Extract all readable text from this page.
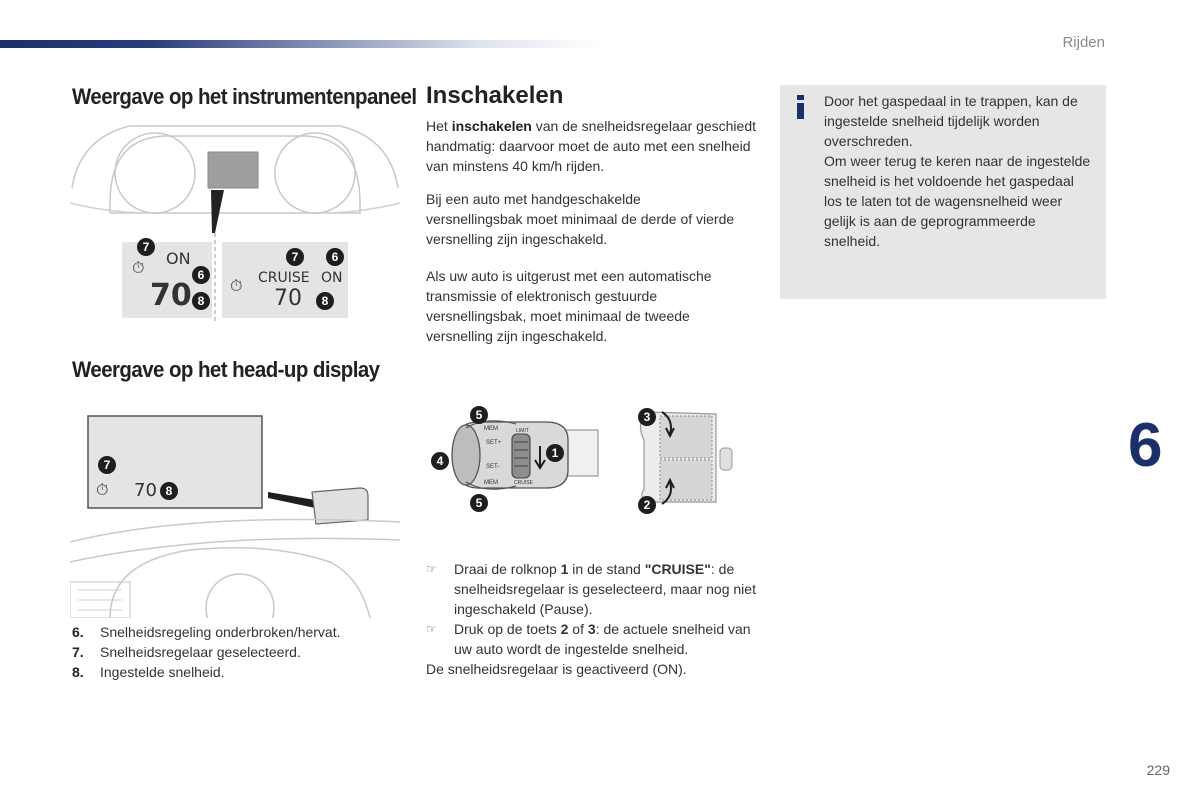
Rijden
Weergave op het instrumentenpaneel
7
⏱ ON
6
70 8
7	6
⏱ CRUISE ON
70	8
Weergave op het head-up display
7
⏱ 70 8
6.	Snelheidsregeling onderbroken/hervat.
7.	Snelheidsregelaar geselecteerd.
8.	Ingestelde snelheid.
Inschakelen
Het inschakelen van de snelheidsregelaar geschiedt handmatig: daarvoor moet de auto met een snelheid van minstens 40 km/h rijden.
Bij een auto met handgeschakelde versnellingsbak moet minimaal de derde of vierde versnelling zijn ingeschakeld.
Als uw auto is uitgerust met een automatische transmissie of elektronisch gestuurde versnellingsbak, moet minimaal de tweede versnelling zijn ingeschakeld.
5
4
5
1
3
2
MEM
MEM
SET+
SET-
LIMIT
CRUISE
☞	Draai de rolknop 1 in de stand "CRUISE": de snelheidsregelaar is geselecteerd, maar nog niet ingeschakeld (Pause).
☞	Druk op de toets 2 of 3: de actuele snelheid van uw auto wordt de ingestelde snelheid.
De snelheidsregelaar is geactiveerd (ON).
Door het gaspedaal in te trappen, kan de ingestelde snelheid tijdelijk worden overschreden.
Om weer terug te keren naar de ingestelde snelheid is het voldoende het gaspedaal los te laten tot de wagensnelheid weer gelijk is aan de geprogrammeerde snelheid.
6
229
